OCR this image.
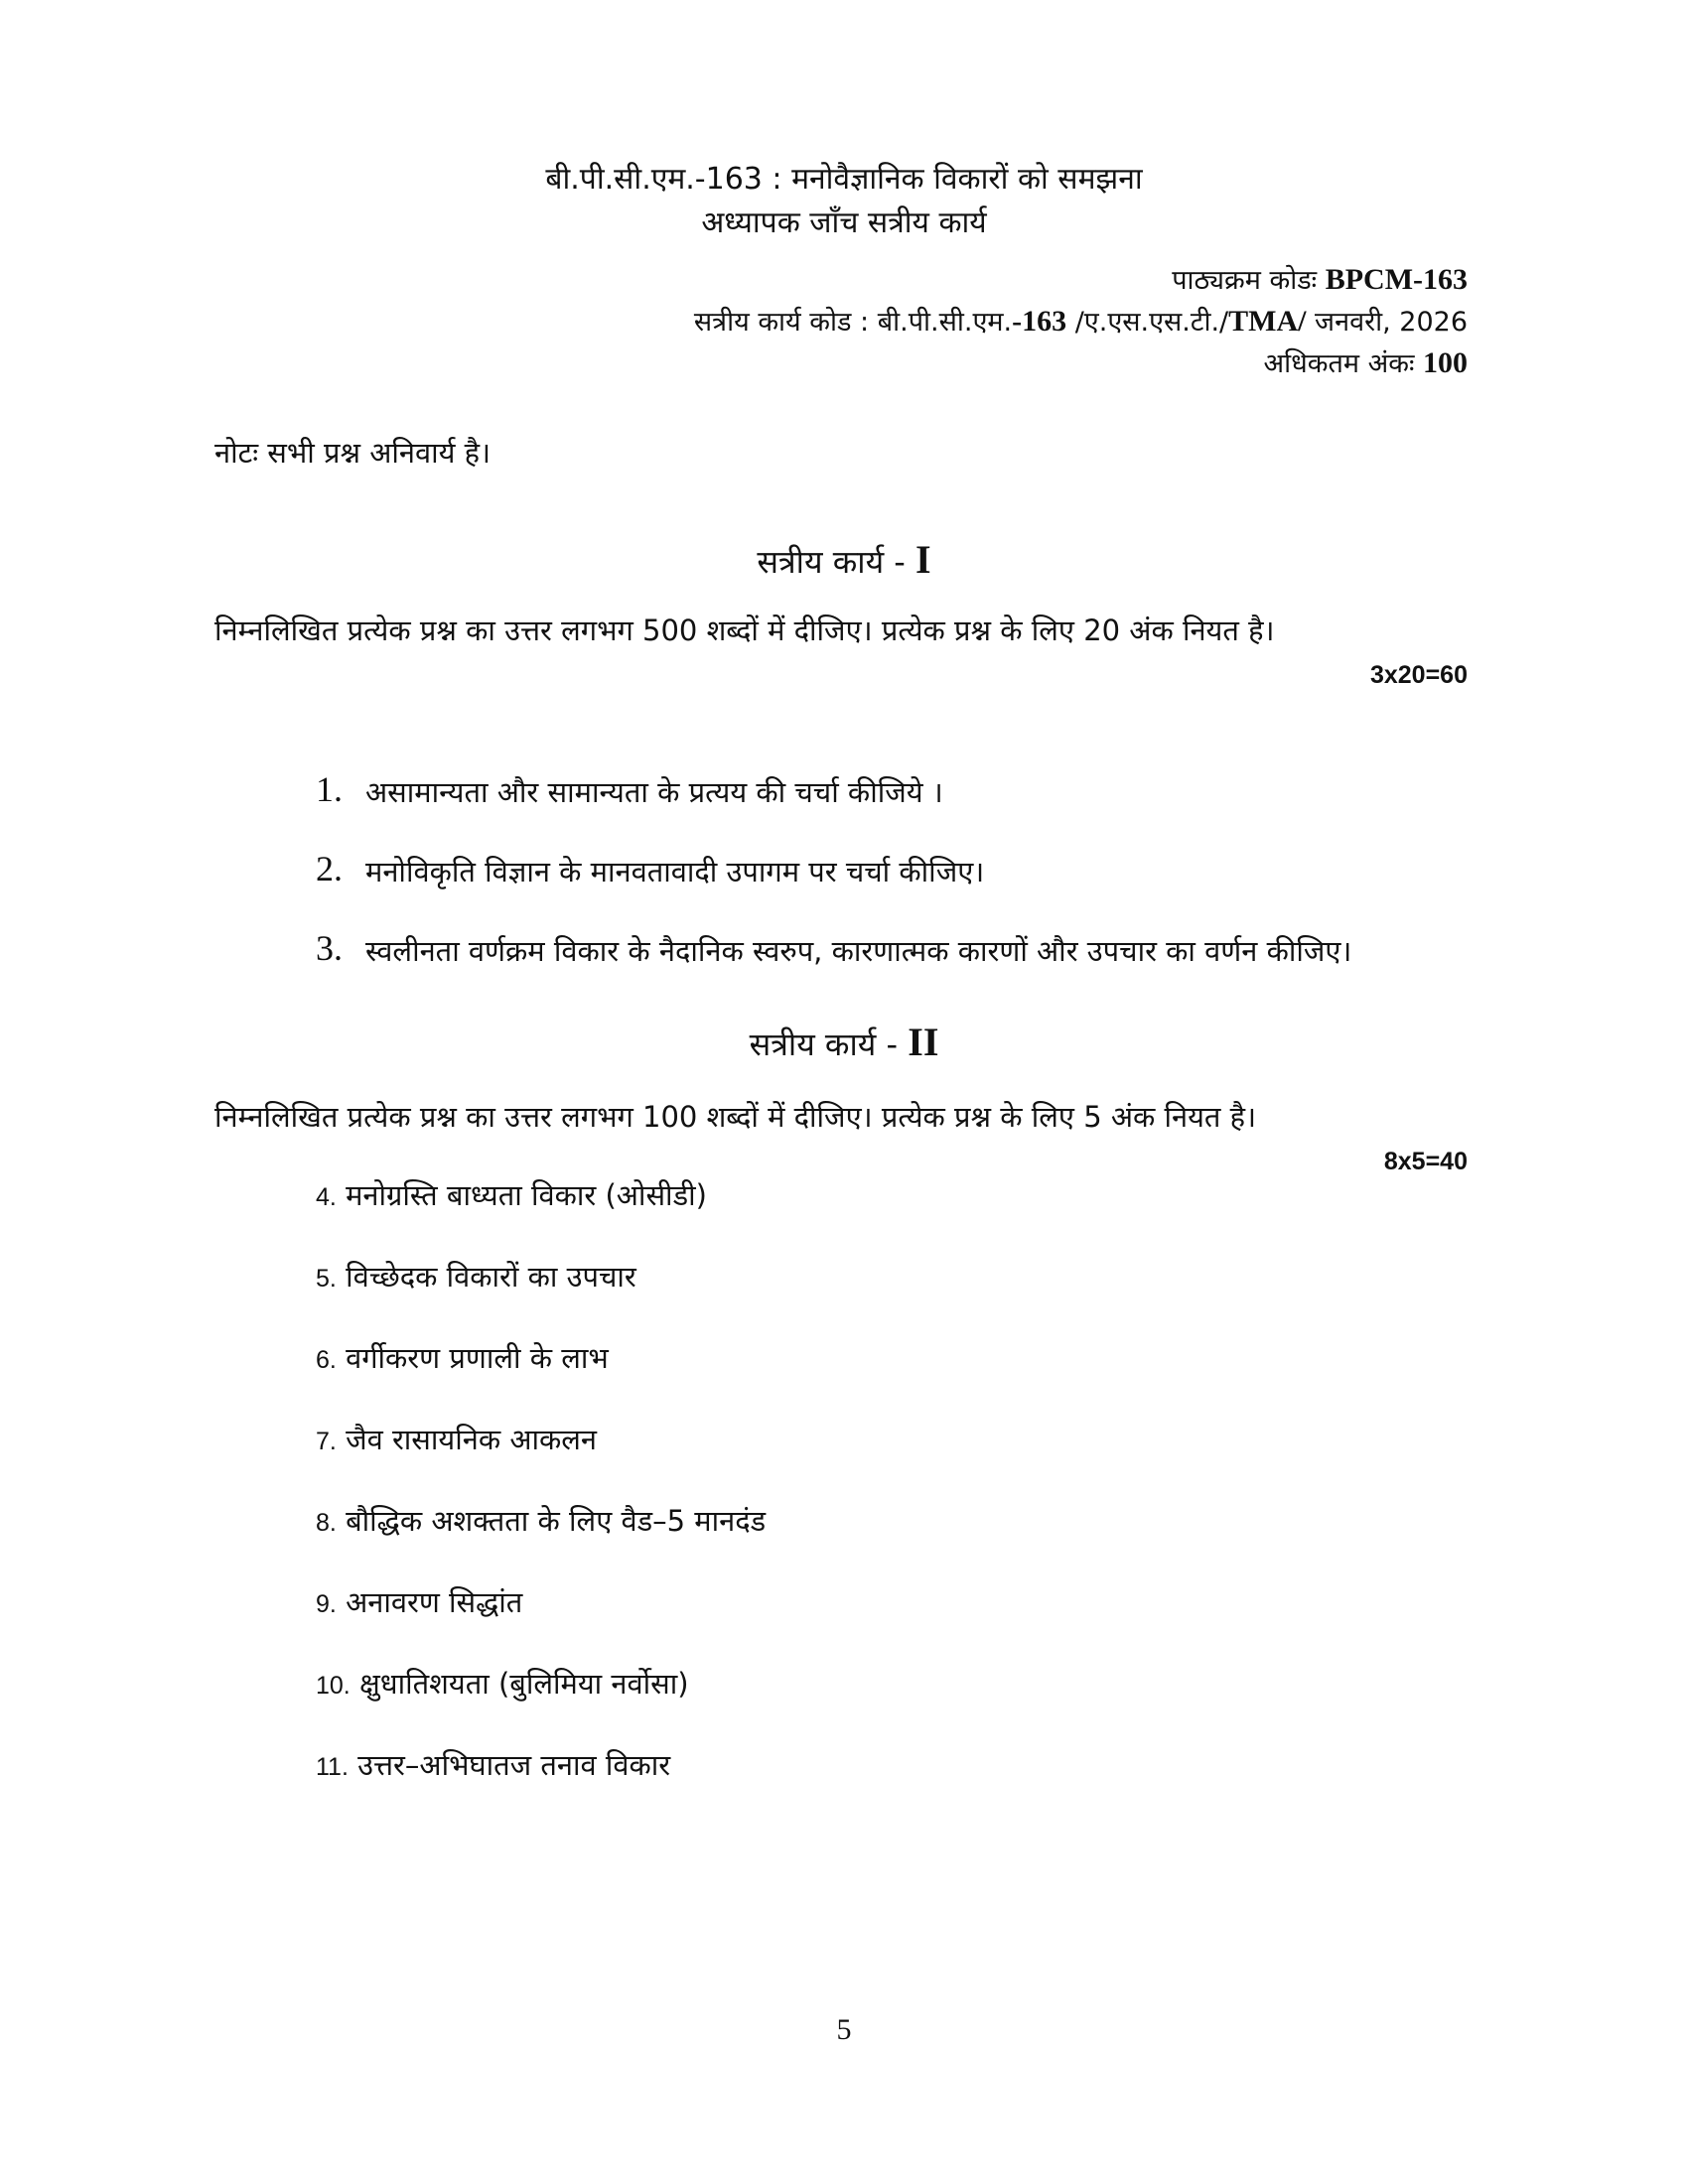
बी.पी.सी.एम.-163 : मनोवैज्ञानिक विकारों को समझना
अध्यापक जाँच सत्रीय कार्य
पाठ्यक्रम कोडः BPCM-163
सत्रीय कार्य कोड : बी.पी.सी.एम.-163 /ए.एस.एस.टी./TMA/ जनवरी, 2026
अधिकतम अंकः 100
नोटः सभी प्रश्न अनिवार्य है।
सत्रीय कार्य - I
निम्नलिखित प्रत्येक प्रश्न का उत्तर लगभग 500 शब्दों में दीजिए। प्रत्येक प्रश्न के लिए 20 अंक नियत है।
3x20=60
1. असामान्यता और सामान्यता के प्रत्यय की चर्चा कीजिये ।
2. मनोविकृति विज्ञान के मानवतावादी उपागम पर चर्चा कीजिए।
3. स्वलीनता वर्णक्रम विकार के नैदानिक स्वरुप, कारणात्मक कारणों और उपचार का वर्णन कीजिए।
सत्रीय कार्य - II
निम्नलिखित प्रत्येक प्रश्न का उत्तर लगभग 100 शब्दों में दीजिए। प्रत्येक प्रश्न के लिए 5 अंक नियत है।
8x5=40
4. मनोग्रस्ति बाध्यता विकार (ओसीडी)
5. विच्छेदक विकारों का उपचार
6. वर्गीकरण प्रणाली के लाभ
7. जैव रासायनिक आकलन
8. बौद्धिक अशक्तता के लिए वैड–5 मानदंड
9. अनावरण सिद्धांत
10. क्षुधातिशयता (बुलिमिया नर्वोसा)
11. उत्तर–अभिघातज तनाव विकार
5
